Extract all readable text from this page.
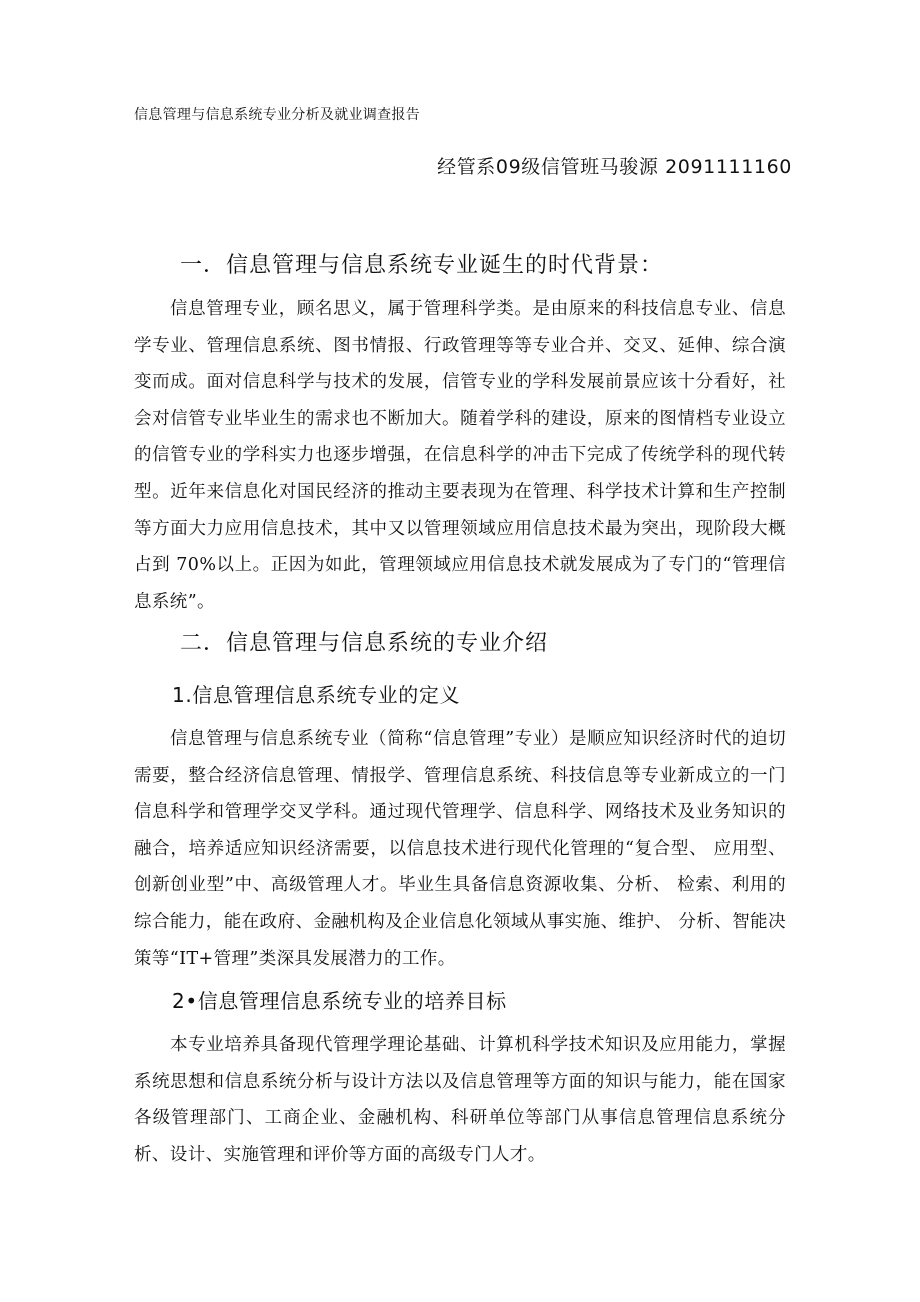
信息管理与信息系统专业分析及就业调查报告
经管系09级信管班马骏源 2091111160
一．信息管理与信息系统专业诞生的时代背景：

信息管理专业，顾名思义，属于管理科学类。是由原来的科技信息专业、信息学专业、管理信息系统、图书情报、行政管理等等专业合并、交叉、延伸、综合演变而成。面对信息科学与技术的发展，信管专业的学科发展前景应该十分看好，社会对信管专业毕业生的需求也不断加大。随着学科的建设，原来的图情档专业设立的信管专业的学科实力也逐步增强，在信息科学的冲击下完成了传统学科的现代转型。近年来信息化对国民经济的推动主要表现为在管理、科学技术计算和生产控制等方面大力应用信息技术，其中又以管理领域应用信息技术最为突出，现阶段大概占到 70%以上。正因为如此，管理领域应用信息技术就发展成为了专门的“管理信息系统”。

二．信息管理与信息系统的专业介绍
1.信息管理信息系统专业的定义

信息管理与信息系统专业（简称“信息管理”专业）是顺应知识经济时代的迫切需要，整合经济信息管理、情报学、管理信息系统、科技信息等专业新成立的一门信息科学和管理学交叉学科。通过现代管理学、信息科学、网络技术及业务知识的融合，培养适应知识经济需要，以信息技术进行现代化管理的“复合型、 应用型、创新创业型”中、高级管理人才。毕业生具备信息资源收集、分析、 检索、利用的综合能力，能在政府、金融机构及企业信息化领域从事实施、维护、 分析、智能决策等“IT+管理”类深具发展潜力的工作。

2•信息管理信息系统专业的培养目标

本专业培养具备现代管理学理论基础、计算机科学技术知识及应用能力，掌握系统思想和信息系统分析与设计方法以及信息管理等方面的知识与能力，能在国家各级管理部门、工商企业、金融机构、科研单位等部门从事信息管理信息系统分析、设计、实施管理和评价等方面的高级专门人才。
